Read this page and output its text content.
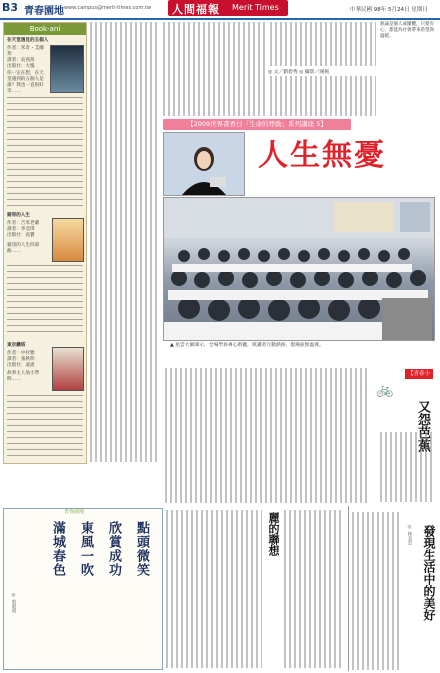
B3 青春園地 www.campus@merit-times.com.tw 人間福報 Merit Times	中華民國 98年 5月24日 星期日
Book-ani
在天堂遇見的五個人
作者：米奇・艾爾邦
譯者：吳茜茜
出版社：大塊
你一定在想，在天堂遇到的五個人是誰？我也一直很好奇……
豬哥的人生
作者：吉米老爺
譯者：李亞琪
出版社：高寶
豬哥的人生四部曲……
東京鐵塔
作者：中村雅
譯者：張秋明
出版社：遠流
故事主人翁小學時……
◎ 文／劉碧秀 ◎ 攝影／國揚
無論是個人或團體，只要有心，都能為社會帶來希望與溫暖。
【2009世界書香日「生命的悸動」系列講座 5】
人生無憂
▲ 星雲大師開示，全場學員專心聆聽，與講者互動熱絡，現場座無虛席。
【青春小品】
🚲
又怨芭蕉
青春園地
點頭微笑
欣賞成功
東風一吹
滿城春色
◎ 蔡昭明
麗的聯想	發現生活中的美好
◎ 林美雲
